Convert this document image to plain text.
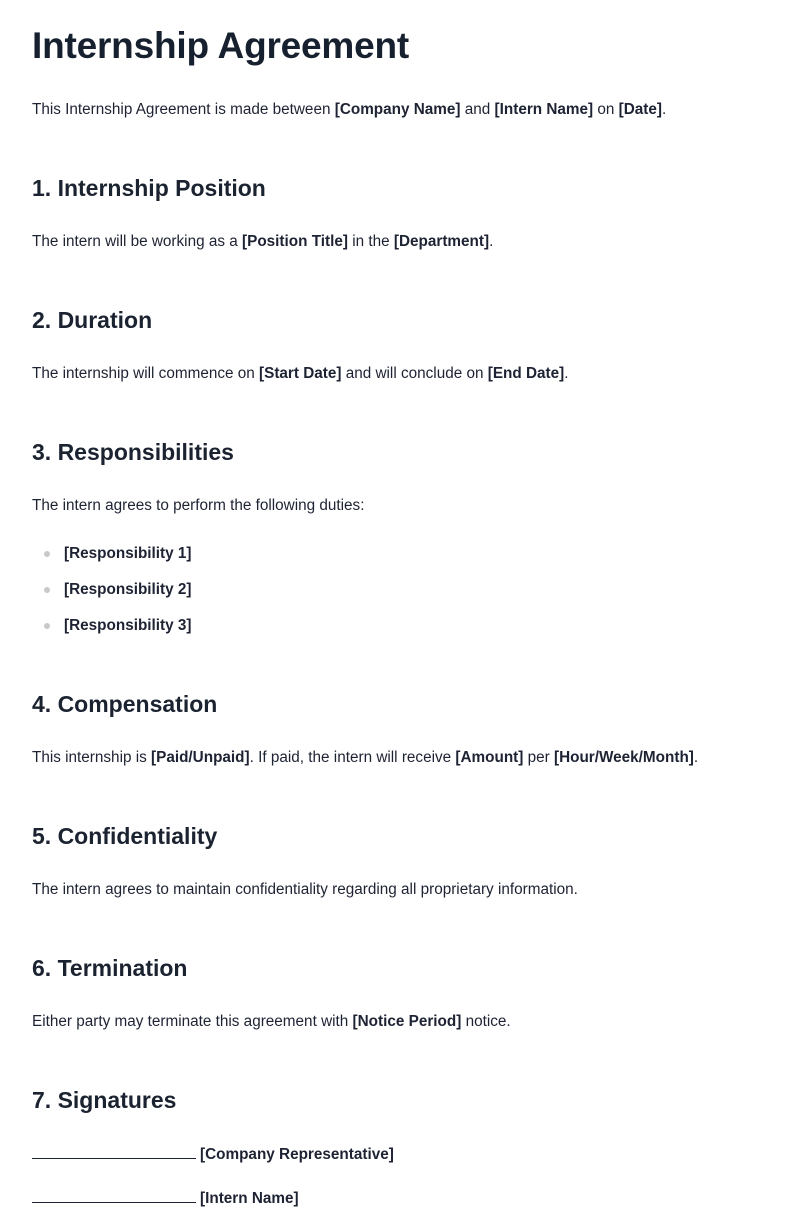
Internship Agreement

This Internship Agreement is made between [Company Name] and [Intern Name] on [Date].

1. Internship Position

The intern will be working as a [Position Title] in the [Department].

2. Duration

The internship will commence on [Start Date] and will conclude on [End Date].

3. Responsibilities

The intern agrees to perform the following duties:

[Responsibility 1]
[Responsibility 2]
[Responsibility 3]
4. Compensation

This internship is [Paid/Unpaid]. If paid, the intern will receive [Amount] per [Hour/Week/Month].

5. Confidentiality

The intern agrees to maintain confidentiality regarding all proprietary information.

6. Termination

Either party may terminate this agreement with [Notice Period] notice.

7. Signatures
[Company Representative]
[Intern Name]
